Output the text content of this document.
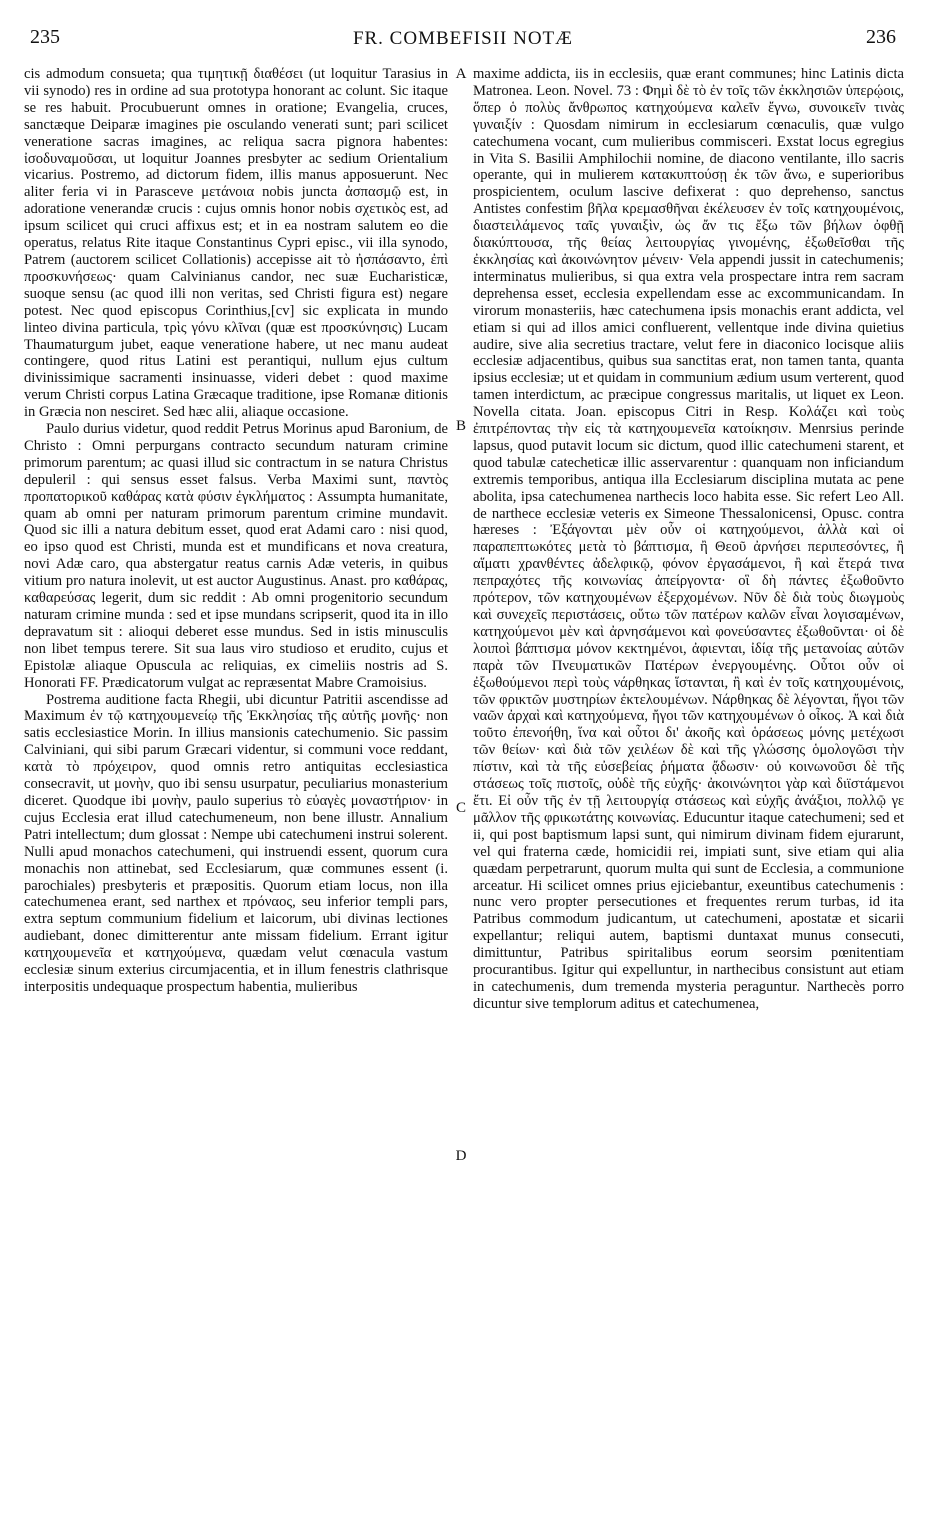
235	FR. COMBEFISII NOTÆ	236

cis admodum consueta; qua τιμητικῇ διαθέσει (ut loquitur Tarasius in vii synodo) res in ordine ad sua prototypa honorant ac colunt. Sic itaque se res habuit. Procubuerunt omnes in oratione; Evangelia, cruces, sanctæque Deiparæ imagines pie osculando venerati sunt; pari scilicet veneratione sacras imagines, ac reliqua sacra pignora habentes: ἰσοδυναμοῦσαι, ut loquitur Joannes presbyter ac sedium Orientalium vicarius. Postremo, ad dictorum fidem, illis manus apposuerunt. Nec aliter feria vi in Parasceve μετάνοια nobis juncta ἀσπασμῷ est, in adoratione venerandæ crucis : cujus omnis honor nobis σχετικὸς est, ad ipsum scilicet qui cruci affixus est; et in ea nostram salutem eo die operatus, relatus Rite itaque Constantinus Cypri episc., vii illa synodo, Patrem (auctorem scilicet Collationis) accepisse ait τὸ ἠσπάσαντο, ἐπὶ προσκυνήσεως· quam Calvinianus candor, nec suæ Eucharisticæ, suoque sensu (ac quod illi non veritas, sed Christi figura est) negare potest. Nec quod episcopus Corinthius,[cv] sic explicata in mundo linteo divina particula, τρὶς γόνυ κλῖναι (quæ est προσκύνησις) Lucam Thaumaturgum jubet, eaque veneratione habere, ut nec manu audeat contingere, quod ritus Latini est perantiqui, nullum ejus cultum divinissimique sacramenti insinuasse, videri debet : quod maxime verum Christi corpus Latina Græcaque traditione, ipse Romanæ ditionis in Græcia non nesciret. Sed hæc alii, aliaque occasione.

Paulo durius videtur, quod reddit Petrus Morinus apud Baronium, de Christo : Omni perpurgans contracto secundum naturam crimine primorum parentum; ac quasi illud sic contractum in se natura Christus depuleril : qui sensus esset falsus. Verba Maximi sunt, παντὸς προπατορικοῦ καθάρας κατὰ φύσιν ἐγκλήματος : Assumpta humanitate, quam ab omni per naturam primorum parentum crimine mundavit. Quod sic illi a natura debitum esset, quod erat Adami caro : nisi quod, eo ipso quod est Christi, munda est et mundificans et nova creatura, novi Adæ caro, qua abstergatur reatus carnis Adæ veteris, in quibus vitium pro natura inolevit, ut est auctor Augustinus. Anast. pro καθάρας, καθαρεύσας legerit, dum sic reddit : Ab omni progenitorio secundum naturam crimine munda : sed et ipse mundans scripserit, quod ita in illo depravatum sit : alioqui deberet esse mundus. Sed in istis minusculis non libet tempus terere. Sit sua laus viro studioso et erudito, cujus et Epistolæ aliaque Opuscula ac reliquias, ex cimeliis nostris ad S. Honorati FF. Prædicatorum vulgat ac repræsentat Mabre Cramoisius.

Postrema auditione facta Rhegii, ubi dicuntur Patritii ascendisse ad Maximum ἐν τῷ κατηχουμενείῳ τῆς Ἐκκλησίας τῆς αὐτῆς μονῆς· non satis ecclesiastice Morin. In illius mansionis catechumenio. Sic passim Calviniani, qui sibi parum Græcari videntur, si communi voce reddant, κατὰ τὸ πρόχειρον, quod omnis retro antiquitas ecclesiastica consecravit, ut μονὴν, quo ibi sensu usurpatur, peculiarius monasterium diceret. Quodque ibi μονὴν, paulo superius τὸ εὐαγὲς μοναστήριον· in cujus Ecclesia erat illud catechumeneum, non bene illustr. Annalium Patri intellectum; dum glossat : Nempe ubi catechumeni instrui solerent. Nulli apud monachos catechumeni, qui instruendi essent, quorum cura monachis non attinebat, sed Ecclesiarum, quæ communes essent (i. parochiales) presbyteris et præpositis. Quorum etiam locus, non illa catechumenea erant, sed narthex et πρόναος, seu inferior templi pars, extra septum communium fidelium et laicorum, ubi divinas lectiones audiebant, donec dimitterentur ante missam fidelium. Errant igitur κατηχουμενεῖα et κατηχούμενα, quædam velut cœnacula vastum ecclesiæ sinum exterius circumjacentia, et in illum fenestris clathrisque interpositis undequaque prospectum habentia, mulieribus

A
B
C
D

maxime addicta, iis in ecclesiis, quæ erant communes; hinc Latinis dicta Matronea. Leon. Novel. 73 : Φημὶ δὲ τὸ ἐν τοῖς τῶν ἐκκλησιῶν ὑπερῴοις, ὅπερ ὁ πολὺς ἄνθρωπος κατηχούμενα καλεῖν ἔγνω, συνοικεῖν τινὰς γυναιξίν : Quosdam nimirum in ecclesiarum cœnaculis, quæ vulgo catechumena vocant, cum mulieribus commisceri. Exstat locus egregius in Vita S. Basilii Amphilochii nomine, de diacono ventilante, illo sacris operante, qui in mulierem κατακυπτούσῃ ἐκ τῶν ἄνω, e superioribus prospicientem, oculum lascive defixerat : quo deprehenso, sanctus Antistes confestim βῆλα κρεμασθῆναι ἐκέλευσεν ἐν τοῖς κατηχουμένοις, διαστειλάμενος ταῖς γυναιξὶν, ὡς ἄν τις ἔξω τῶν βήλων ὀφθῇ διακύπτουσα, τῆς θείας λειτουργίας γινομένης, ἐξωθεῖσθαι τῆς ἐκκλησίας καὶ ἀκοινώνητον μένειν· Vela appendi jussit in catechumenis; interminatus mulieribus, si qua extra vela prospectare intra rem sacram deprehensa esset, ecclesia expellendam esse ac excommunicandam. In virorum monasteriis, hæc catechumena ipsis monachis erant addicta, vel etiam si qui ad illos amici confluerent, vellentque inde divina quietius audire, sive alia secretius tractare, velut fere in diaconico locisque aliis ecclesiæ adjacentibus, quibus sua sanctitas erat, non tamen tanta, quanta ipsius ecclesiæ; ut et quidam in communium ædium usum verterent, quod tamen interdictum, ac præcipue congressus maritalis, ut liquet ex Leon. Novella citata. Joan. episcopus Citri in Resp. Κολάζει καὶ τοὺς ἐπιτρέποντας τὴν εἰς τὰ κατηχουμενεῖα κατοίκησιν. Menrsius perinde lapsus, quod putavit locum sic dictum, quod illic catechumeni starent, et quod tabulæ catecheticæ illic asservarentur : quanquam non inficiandum extremis temporibus, antiqua illa Ecclesiarum disciplina mutata ac pene abolita, ipsa catechumenea narthecis loco habita esse. Sic refert Leo All. de narthece ecclesiæ veteris ex Simeone Thessalonicensi, Opusc. contra hæreses : Ἐξάγονται μὲν οὖν οἱ κατηχούμενοι, ἀλλὰ καὶ οἱ παραπεπτωκότες μετὰ τὸ βάπτισμα, ἢ Θεοῦ ἀρνήσει περιπεσόντες, ἢ αἵματι χρανθέντες ἀδελφικῷ, φόνον ἐργασάμενοι, ἢ καὶ ἕτερά τινα πεπραχότες τῆς κοινωνίας ἀπείργοντα· οἳ δὴ πάντες ἐξωθοῦντο πρότερον, τῶν κατηχουμένων ἐξερχομένων. Νῦν δὲ διὰ τοὺς διωγμοὺς καὶ συνεχεῖς περιστάσεις, οὕτω τῶν πατέρων καλῶν εἶναι λογισαμένων, κατηχούμενοι μὲν καὶ ἀρνησάμενοι καὶ φονεύσαντες ἐξωθοῦνται· οἱ δὲ λοιποὶ βάπτισμα μόνον κεκτημένοι, ἀφιενται, ἰδίᾳ τῆς μετανοίας αὐτῶν παρὰ τῶν Πνευματικῶν Πατέρων ἐνεργουμένης. Οὗτοι οὖν οἱ ἐξωθούμενοι περὶ τοὺς νάρθηκας ἵστανται, ἢ καὶ ἐν τοῖς κατηχουμένοις, τῶν φρικτῶν μυστηρίων ἐκτελουμένων. Νάρθηκας δὲ λέγονται, ἤγοι τῶν ναῶν ἀρχαὶ καὶ κατηχούμενα, ἤγοι τῶν κατηχουμένων ὁ οἶκος. Ἀ καὶ διὰ τοῦτο ἐπενοήθη, ἵνα καὶ οὗτοι δι' ἀκοῆς καὶ ὁράσεως μόνης μετέχωσι τῶν θείων· καὶ διὰ τῶν χειλέων δὲ καὶ τῆς γλώσσης ὁμολογῶσι τὴν πίστιν, καὶ τὰ τῆς εὐσεβείας ῥήματα ᾄδωσιν· οὐ κοινωνοῦσι δὲ τῆς στάσεως τοῖς πιστοῖς, οὐδὲ τῆς εὐχῆς· ἀκοινώνητοι γὰρ καὶ διϊστάμενοι ἔτι. Εἰ οὖν τῆς ἐν τῇ λειτουργίᾳ στάσεως καὶ εὐχῆς ἀνάξιοι, πολλῷ γε μᾶλλον τῆς φρικωτάτης κοινωνίας. Educuntur itaque catechumeni; sed et ii, qui post baptismum lapsi sunt, qui nimirum divinam fidem ejurarunt, vel qui fraterna cæde, homicidii rei, impiati sunt, sive etiam qui alia quædam perpetrarunt, quorum multa qui sunt de Ecclesia, a communione arceatur. Hi scilicet omnes prius ejiciebantur, exeuntibus catechumenis : nunc vero propter persecutiones et frequentes rerum turbas, id ita Patribus commodum judicantum, ut catechumeni, apostatæ et sicarii expellantur; reliqui autem, baptismi duntaxat munus consecuti, dimittuntur, Patribus spiritalibus eorum seorsim pœnitentiam procurantibus. Igitur qui expelluntur, in narthecibus consistunt aut etiam in catechumenis, dum tremenda mysteria peraguntur. Narthecès porro dicuntur sive templorum aditus et catechumenea,
